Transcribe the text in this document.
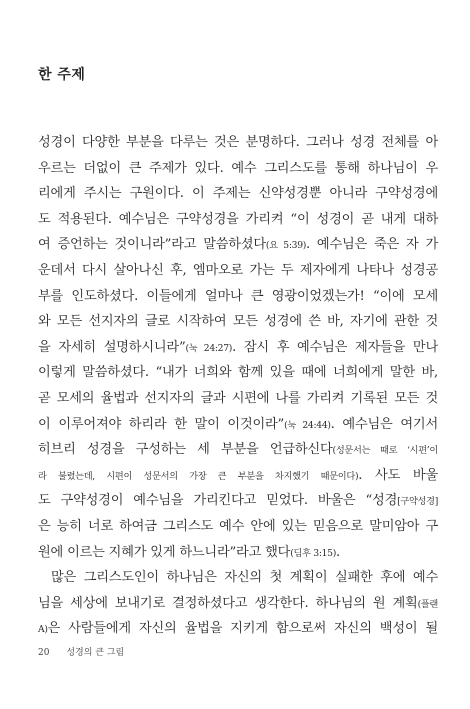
한 주제
성경이 다양한 부분을 다루는 것은 분명하다. 그러나 성경 전체를 아
우르는 더없이 큰 주제가 있다. 예수 그리스도를 통해 하나님이 우
리에게 주시는 구원이다. 이 주제는 신약성경뿐 아니라 구약성경에
도 적용된다. 예수님은 구약성경을 가리켜 “이 성경이 곧 내게 대하
여 증언하는 것이니라”라고 말씀하셨다(요 5:39). 예수님은 죽은 자 가
운데서 다시 살아나신 후, 엠마오로 가는 두 제자에게 나타나 성경공
부를 인도하셨다. 이들에게 얼마나 큰 영광이었겠는가! “이에 모세
와 모든 선지자의 글로 시작하여 모든 성경에 쓴 바, 자기에 관한 것
을 자세히 설명하시니라”(눅 24:27). 잠시 후 예수님은 제자들을 만나
이렇게 말씀하셨다. “내가 너희와 함께 있을 때에 너희에게 말한 바,
곧 모세의 율법과 선지자의 글과 시편에 나를 가리켜 기록된 모든 것
이 이루어져야 하리라 한 말이 이것이라”(눅 24:44). 예수님은 여기서
히브리 성경을 구성하는 세 부분을 언급하신다(성문서는 때로 ‘시편’이
라 불렸는데, 시편이 성문서의 가장 큰 부분을 차지했기 때문이다). 사도 바울
도 구약성경이 예수님을 가리킨다고 믿었다. 바울은 “성경[구약성경]
은 능히 너로 하여금 그리스도 예수 안에 있는 믿음으로 말미암아 구
원에 이르는 지혜가 있게 하느니라”라고 했다(딤후 3:15).
많은 그리스도인이 하나님은 자신의 첫 계획이 실패한 후에 예수
님을 세상에 보내기로 결정하셨다고 생각한다. 하나님의 원 계획(플랜
A)은 사람들에게 자신의 율법을 지키게 함으로써 자신의 백성이 될
20 성경의 큰 그림
